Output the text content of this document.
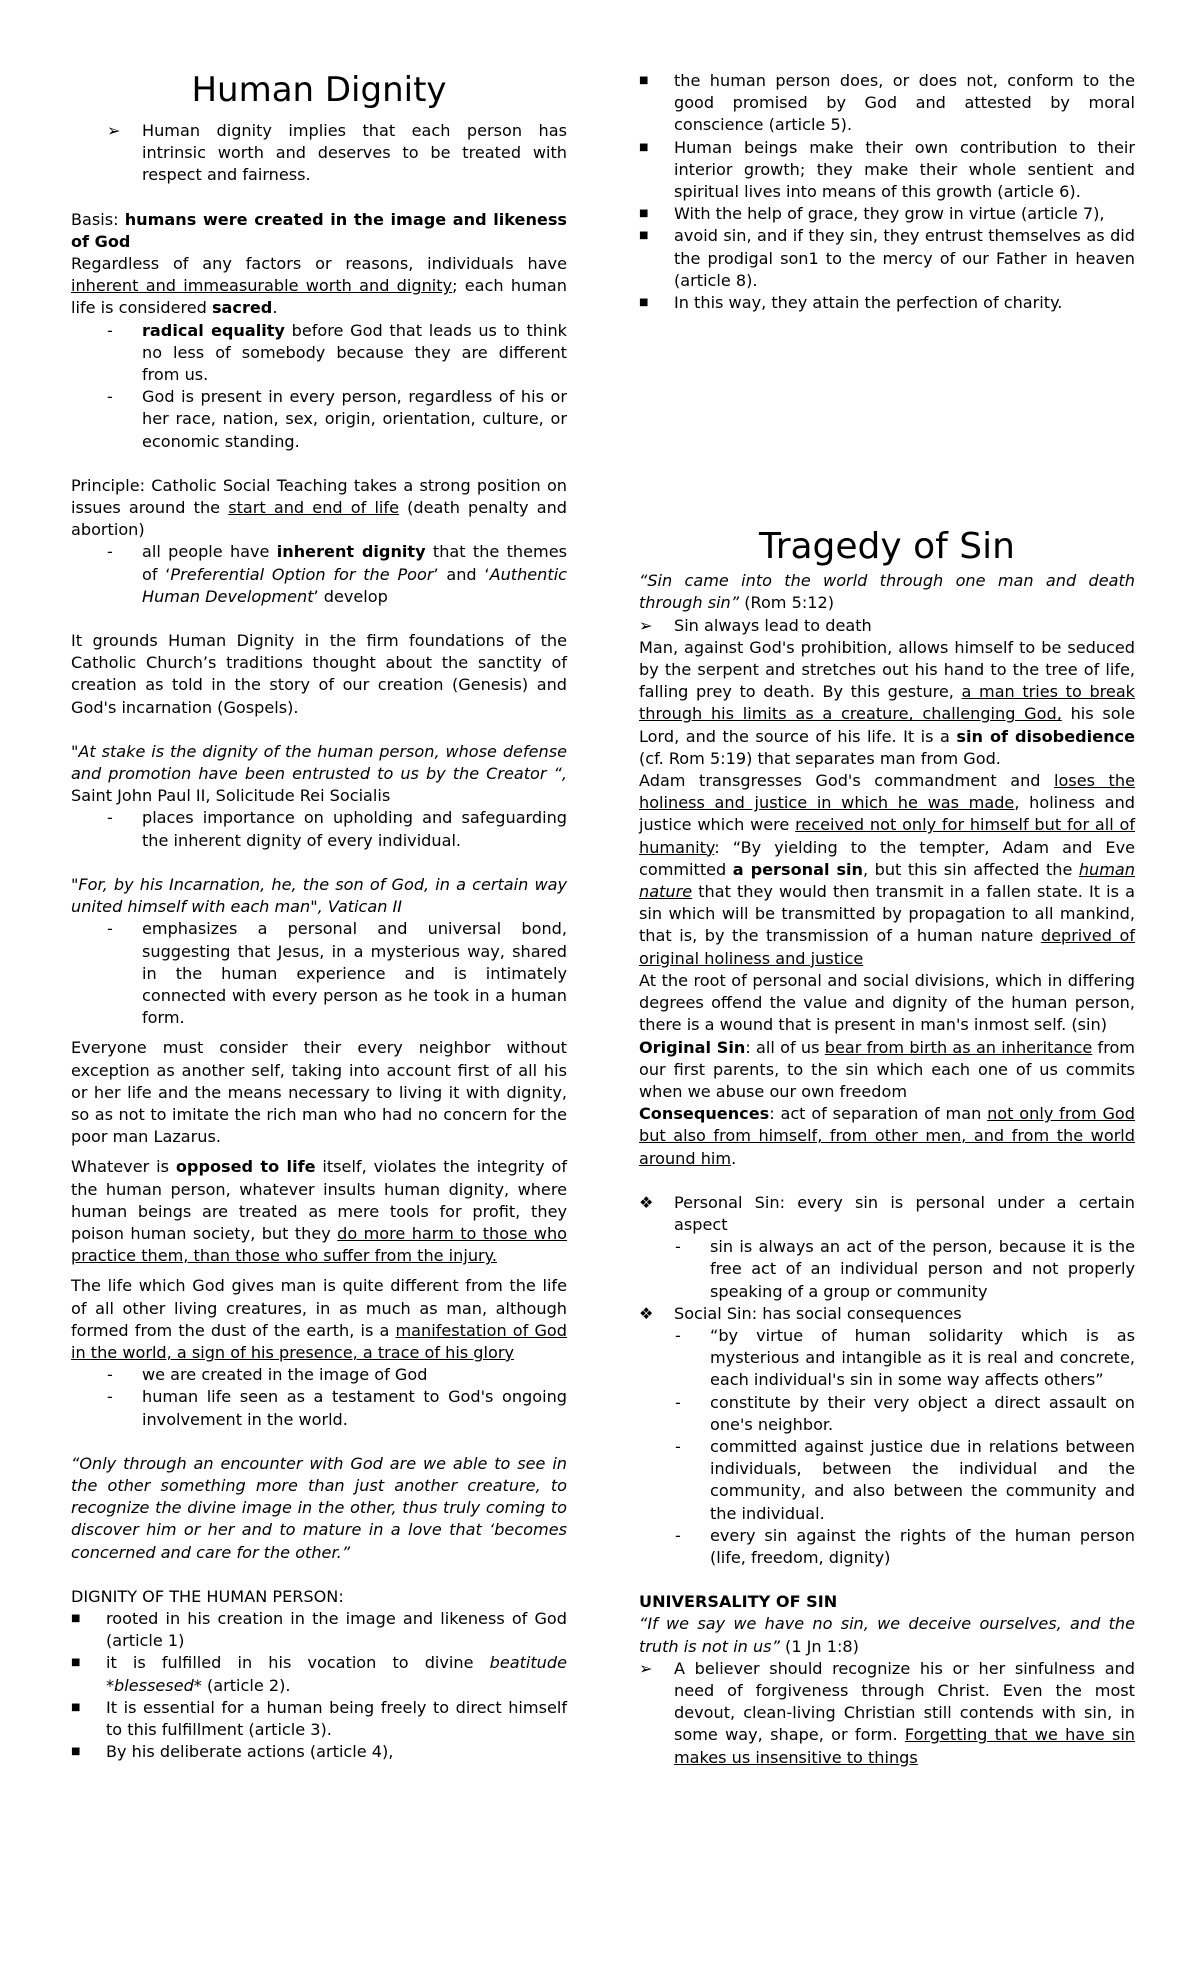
Human Dignity
➢ Human dignity implies that each person has intrinsic worth and deserves to be treated with respect and fairness.

Basis: humans were created in the image and likeness of God

Regardless of any factors or reasons, individuals have inherent and immeasurable worth and dignity; each human life is considered sacred.

- radical equality before God that leads us to think no less of somebody because they are different from us.
- God is present in every person, regardless of his or her race, nation, sex, origin, orientation, culture, or economic standing.

Principle: Catholic Social Teaching takes a strong position on issues around the start and end of life (death penalty and abortion)

- all people have inherent dignity that the themes of ‘Preferential Option for the Poor’ and ‘Authentic Human Development’ develop

It grounds Human Dignity in the firm foundations of the Catholic Church’s traditions thought about the sanctity of creation as told in the story of our creation (Genesis) and God's incarnation (Gospels).

"At stake is the dignity of the human person, whose defense and promotion have been entrusted to us by the Creator “, Saint John Paul II, Solicitude Rei Socialis

- places importance on upholding and safeguarding the inherent dignity of every individual.

"For, by his Incarnation, he, the son of God, in a certain way united himself with each man", Vatican II

- emphasizes a personal and universal bond, suggesting that Jesus, in a mysterious way, shared in the human experience and is intimately connected with every person as he took in a human form.

Everyone must consider their every neighbor without exception as another self, taking into account first of all his or her life and the means necessary to living it with dignity, so as not to imitate the rich man who had no concern for the poor man Lazarus.

Whatever is opposed to life itself, violates the integrity of the human person, whatever insults human dignity, where human beings are treated as mere tools for profit, they poison human society, but they do more harm to those who practice them, than those who suffer from the injury.

The life which God gives man is quite different from the life of all other living creatures, in as much as man, although formed from the dust of the earth, is a manifestation of God in the world, a sign of his presence, a trace of his glory

- we are created in the image of God
- human life seen as a testament to God's ongoing involvement in the world.

“Only through an encounter with God are we able to see in the other something more than just another creature, to recognize the divine image in the other, thus truly coming to discover him or her and to mature in a love that ‘becomes concerned and care for the other.”

DIGNITY OF THE HUMAN PERSON:

■ rooted in his creation in the image and likeness of God (article 1)
■ it is fulfilled in his vocation to divine beatitude *blessesed* (article 2).
■ It is essential for a human being freely to direct himself to this fulfillment (article 3).
■ By his deliberate actions (article 4),
■ the human person does, or does not, conform to the good promised by God and attested by moral conscience (article 5).
■ Human beings make their own contribution to their interior growth; they make their whole sentient and spiritual lives into means of this growth (article 6).
■ With the help of grace, they grow in virtue (article 7),
■ avoid sin, and if they sin, they entrust themselves as did the prodigal son1 to the mercy of our Father in heaven (article 8).
■ In this way, they attain the perfection of charity.
Tragedy of Sin

“Sin came into the world through one man and death through sin” (Rom 5:12)

➢ Sin always lead to death

Man, against God's prohibition, allows himself to be seduced by the serpent and stretches out his hand to the tree of life, falling prey to death. By this gesture, a man tries to break through his limits as a creature, challenging God, his sole Lord, and the source of his life. It is a sin of disobedience (cf. Rom 5:19) that separates man from God.

Adam transgresses God's commandment and loses the holiness and justice in which he was made, holiness and justice which were received not only for himself but for all of humanity: “By yielding to the tempter, Adam and Eve committed a personal sin, but this sin affected the human nature that they would then transmit in a fallen state. It is a sin which will be transmitted by propagation to all mankind, that is, by the transmission of a human nature deprived of original holiness and justice

At the root of personal and social divisions, which in differing degrees offend the value and dignity of the human person, there is a wound that is present in man's inmost self. (sin)

Original Sin: all of us bear from birth as an inheritance from our first parents, to the sin which each one of us commits when we abuse our own freedom

Consequences: act of separation of man not only from God but also from himself, from other men, and from the world around him.

❖ Personal Sin: every sin is personal under a certain aspect
- sin is always an act of the person, because it is the free act of an individual person and not properly speaking of a group or community
❖ Social Sin: has social consequences
- “by virtue of human solidarity which is as mysterious and intangible as it is real and concrete, each individual's sin in some way affects others”
- constitute by their very object a direct assault on one's neighbor.
- committed against justice due in relations between individuals, between the individual and the community, and also between the community and the individual.
- every sin against the rights of the human person (life, freedom, dignity)

UNIVERSALITY OF SIN

“If we say we have no sin, we deceive ourselves, and the truth is not in us” (1 Jn 1:8)

➢ A believer should recognize his or her sinfulness and need of forgiveness through Christ. Even the most devout, clean-living Christian still contends with sin, in some way, shape, or form. Forgetting that we have sin makes us insensitive to things
